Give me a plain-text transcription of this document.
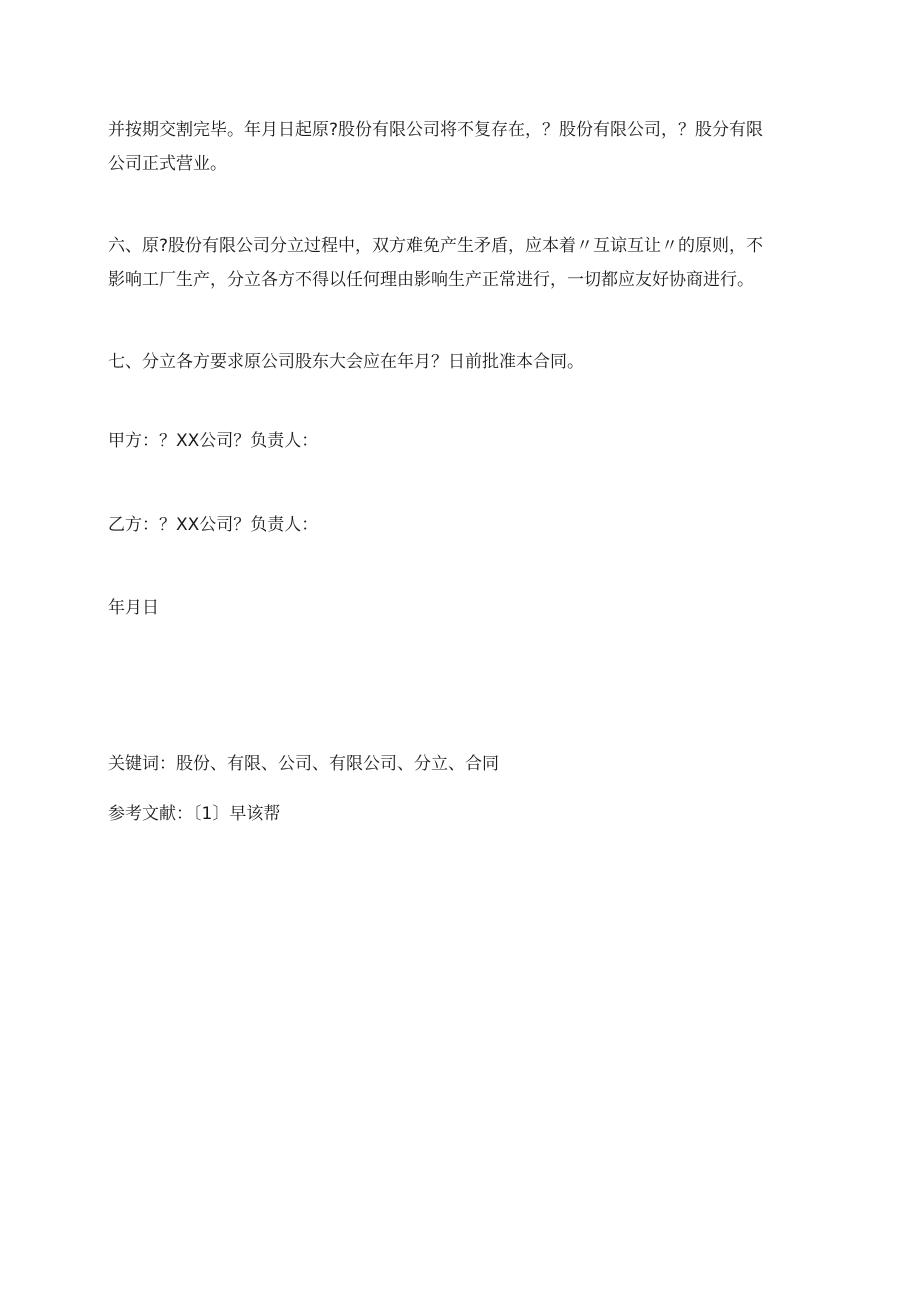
并按期交割完毕。年月日起原?股份有限公司将不复存在，？股份有限公司，？股分有限
公司正式营业。

六、原?股份有限公司分立过程中，双方难免产生矛盾，应本着〃互谅互让〃的原则，不
影响工厂生产，分立各方不得以任何理由影响生产正常进行，一切都应友好协商进行。

七、分立各方要求原公司股东大会应在年月？日前批准本合同。

甲方：？XX公司？负责人：

乙方：？XX公司？负责人：

年月日

关键词：股份、有限、公司、有限公司、分立、合同

参考文献：〔1〕早该帮
